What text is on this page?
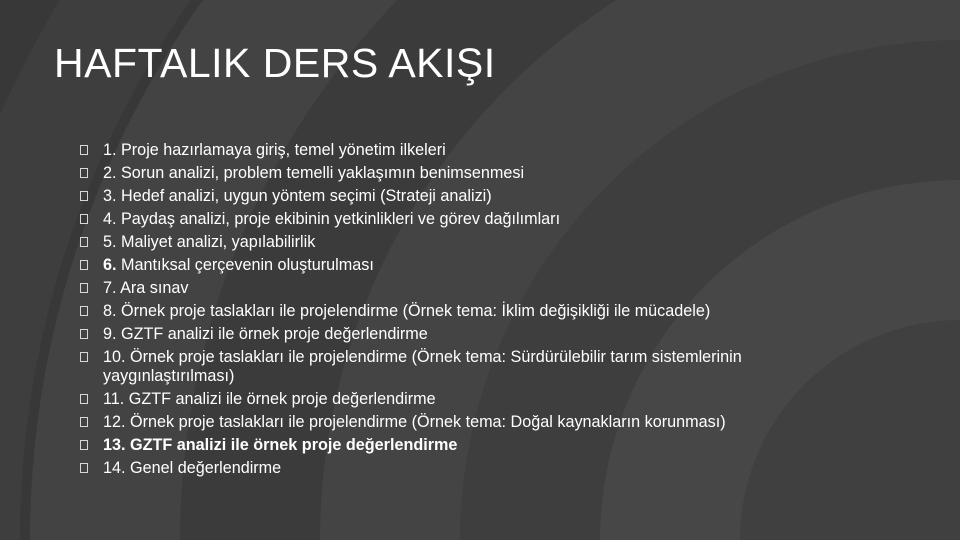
HAFTALIK DERS AKIŞI
1. Proje hazırlamaya giriş, temel yönetim ilkeleri
2. Sorun analizi, problem temelli yaklaşımın benimsenmesi
3. Hedef analizi, uygun yöntem seçimi (Strateji analizi)
4. Paydaş analizi, proje ekibinin yetkinlikleri ve görev dağılımları
5. Maliyet analizi, yapılabilirlik
6. Mantıksal çerçevenin oluşturulması
7. Ara sınav
8. Örnek proje taslakları ile projelendirme (Örnek tema: İklim değişikliği ile mücadele)
9. GZTF analizi ile örnek proje değerlendirme
10. Örnek proje taslakları ile projelendirme (Örnek tema: Sürdürülebilir tarım sistemlerinin yaygınlaştırılması)
11. GZTF analizi ile örnek proje değerlendirme
12. Örnek proje taslakları ile projelendirme (Örnek tema: Doğal kaynakların korunması)
13. GZTF analizi ile örnek proje değerlendirme
14. Genel değerlendirme
